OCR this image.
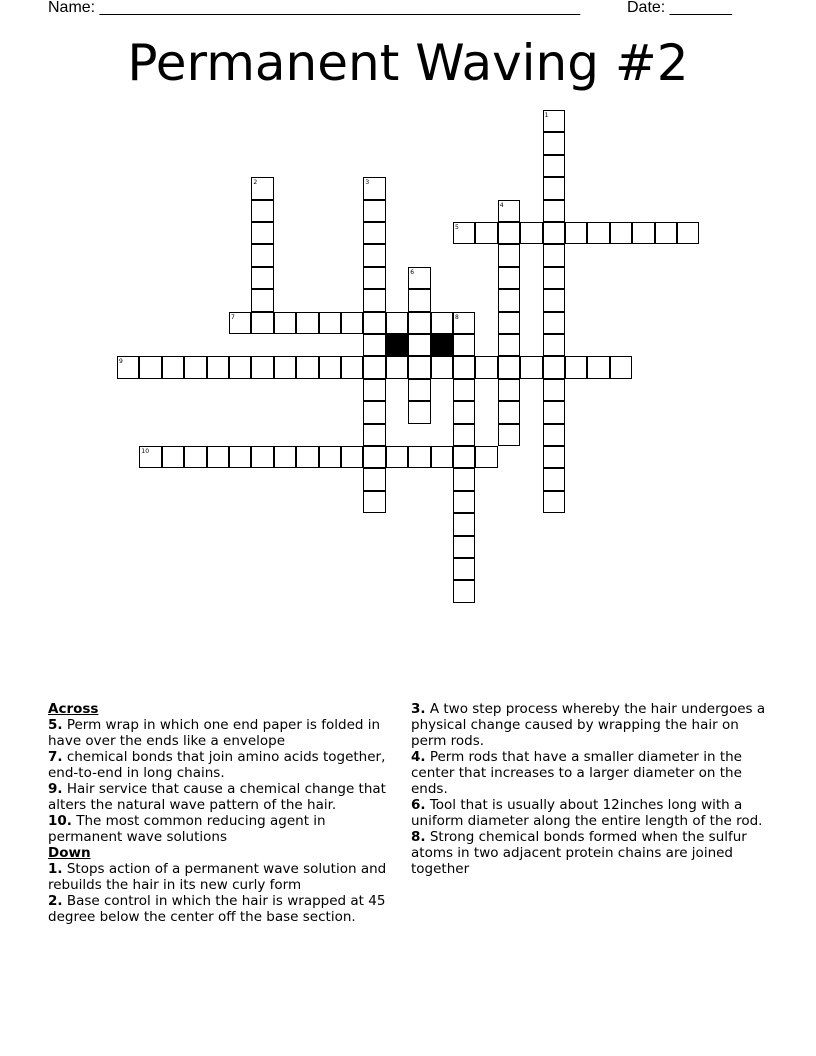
Name: ______________________________________________________	Date: _______
Permanent Waving #2
1
2	3
4
5
6
7	8
9
10

Across

5. Perm wrap in which one end paper is folded in have over the ends like a envelope

7. chemical bonds that join amino acids together, end-to-end in long chains.

9. Hair service that cause a chemical change that alters the natural wave pattern of the hair.

10. The most common reducing agent in permanent wave solutions

Down

1. Stops action of a permanent wave solution and rebuilds the hair in its new curly form

2. Base control in which the hair is wrapped at 45 degree below the center off the base section.

3. A two step process whereby the hair undergoes a physical change caused by wrapping the hair on perm rods.

4. Perm rods that have a smaller diameter in the center that increases to a larger diameter on the ends.

6. Tool that is usually about 12inches long with a uniform diameter along the entire length of the rod.

8. Strong chemical bonds formed when the sulfur atoms in two adjacent protein chains are joined together
